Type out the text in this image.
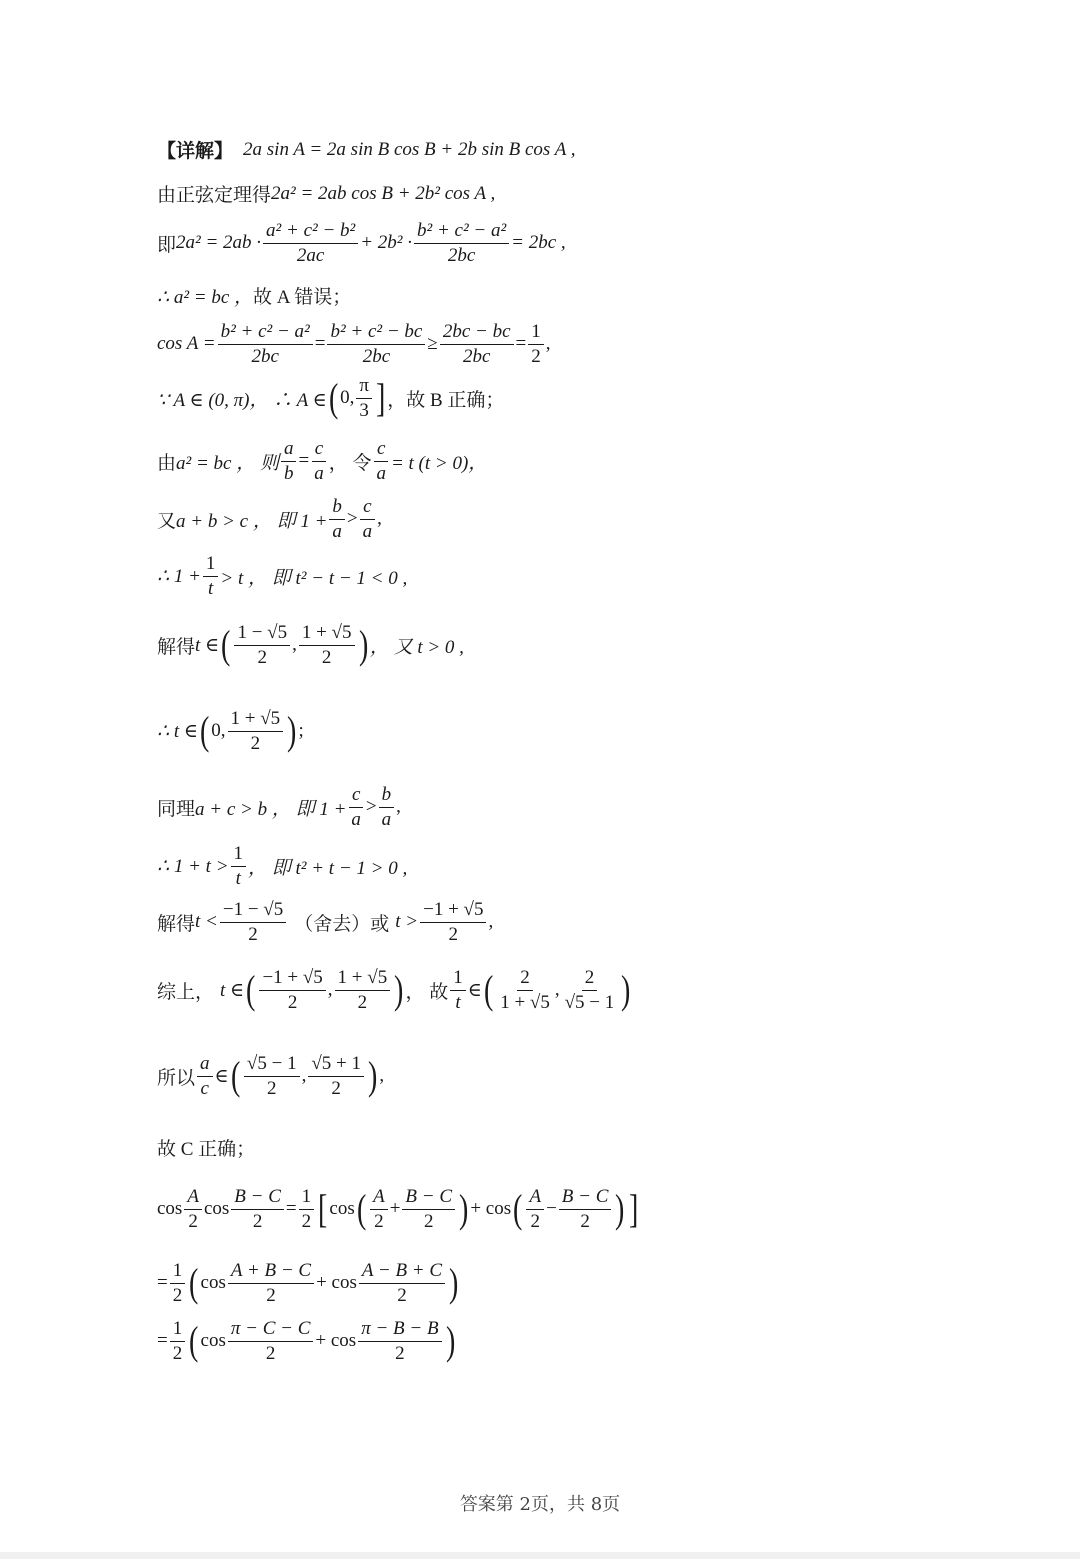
【详解】 2a sin A = 2a sin B cos B + 2b sin B cos A ,
由正弦定理得 2a² = 2ab cos B + 2b² cos A ,
即 $2a^2 = 2ab \cdot \frac{\text{a² + c² − b²}}{2ac} + 2b^2 \cdot \frac{\text{b² + c² − a²}}{2bc} = 2bc$ ,
∴ a² = bc ， 故 A 错误；
$\cos A = \frac{\text{b² + c² − a²}}{2bc} = \frac{\text{b² + c² − bc}}{2bc} \ge \frac{2bc - bc}{2bc} = \frac{1}{2}$ ,
∵ A ∈ (0, π)， ∴ A ∈ ( 0, $\frac{\pi}{3}$ ] ，故 B 正确；
由 a² = bc ， 则 $\frac{a}{b} = \frac{c}{a}$ ， 令 $\frac{c}{a} = t$ (t > 0)，
又 a + b > c ， 即 $1 + \frac{b}{a} > \frac{c}{a}$ ,
∴ $1 + \frac{1}{t} > t$ ， 即 t² − t − 1 < 0 ,
解得 t ∈ ( $\frac{1 - √5}{2}$ , $\frac{1 + √5}{2}$ ) ， 又 t > 0 ,
∴ t ∈ ( 0, $\frac{1 + √5}{2}$ ) ;
同理 a + c > b ， 即 $1 + \frac{c}{a} > \frac{b}{a}$ ,
∴ $1 + t > \frac{1}{t}$ ， 即 t² + t − 1 > 0 ,
解得 $t < \frac{-1 - √5}{2}$ （舍去）或 $t > \frac{-1 + √5}{2}$ ,
综上， t ∈ ( $\frac{-1 + √5}{2}$ , $\frac{1 + √5}{2}$ ) ， 故 $\frac{1}{t}$ ∈ ( $\frac{2}{1 + √5}$ , $\frac{2}{√5 - 1}$ )
所以 $\frac{a}{c}$ ∈ ( $\frac{√5 - 1}{2}$ , $\frac{√5 + 1}{2}$ ) ,
故 C 正确；
$\cos \frac{A}{2}$ $\cos \frac{B - C}{2} = \frac{1}{2}$ [ cos ( $\frac{A}{2} + \frac{B - C}{2}$ ) + cos ( $\frac{A}{2} - \frac{B - C}{2}$ ) ]
= $\frac{1}{2}$ ( $\cos \frac{A + B - C}{2} + \cos \frac{A - B + C}{2}$ )
= $\frac{1}{2}$ ( $\cos \frac{\pi - C - C}{2} + \cos \frac{\pi - B - B}{2}$ )
答案第 2页，共 8页
